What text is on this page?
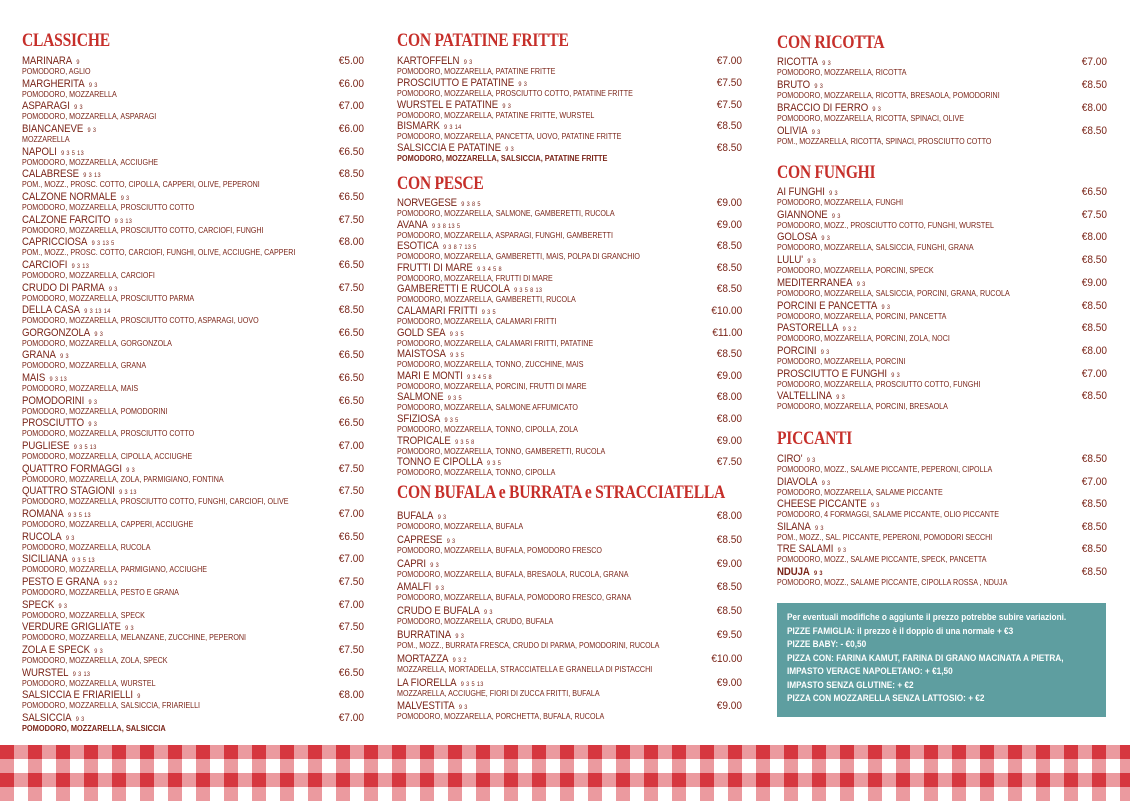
CLASSICHE
MARINARA 9	€5.00
POMODORO, AGLIO
MARGHERITA 9 3	€6.00
POMODORO, MOZZARELLA
ASPARAGI 9 3	€7.00
POMODORO, MOZZARELLA, ASPARAGI
BIANCANEVE 9 3	€6.00
MOZZARELLA
NAPOLI 9 3 5 13	€6.50
POMODORO, MOZZARELLA, ACCIUGHE
CALABRESE 9 3 13	€8.50
POM., MOZZ., PROSC. COTTO, CIPOLLA, CAPPERI, OLIVE, PEPERONI
CALZONE NORMALE 9 3	€6.50
POMODORO, MOZZARELLA, PROSCIUTTO COTTO
CALZONE FARCITO 9 3 13	€7.50
POMODORO, MOZZARELLA, PROSCIUTTO COTTO, CARCIOFI, FUNGHI
CAPRICCIOSA 9 3 13 5	€8.00
POM., MOZZ., PROSC. COTTO, CARCIOFI, FUNGHI, OLIVE, ACCIUGHE, CAPPERI
CARCIOFI 9 3 13	€6.50
POMODORO, MOZZARELLA, CARCIOFI
CRUDO DI PARMA 9 3	€7.50
POMODORO, MOZZARELLA, PROSCIUTTO PARMA
DELLA CASA 9 3 13 14	€8.50
POMODORO, MOZZARELLA, PROSCIUTTO COTTO, ASPARAGI, UOVO
GORGONZOLA 9 3	€6.50
POMODORO, MOZZARELLA, GORGONZOLA
GRANA 9 3	€6.50
POMODORO, MOZZARELLA, GRANA
MAIS 9 3 13	€6.50
POMODORO, MOZZARELLA, MAIS
POMODORINI 9 3	€6.50
POMODORO, MOZZARELLA, POMODORINI
PROSCIUTTO 9 3	€6.50
POMODORO, MOZZARELLA, PROSCIUTTO COTTO
PUGLIESE 9 3 5 13	€7.00
POMODORO, MOZZARELLA, CIPOLLA, ACCIUGHE
QUATTRO FORMAGGI 9 3	€7.50
POMODORO, MOZZARELLA, ZOLA, PARMIGIANO, FONTINA
QUATTRO STAGIONI 9 3 13	€7.50
POMODORO, MOZZARELLA, PROSCIUTTO COTTO, FUNGHI, CARCIOFI, OLIVE
ROMANA 9 3 5 13	€7.00
POMODORO, MOZZARELLA, CAPPERI, ACCIUGHE
RUCOLA 9 3	€6.50
POMODORO, MOZZARELLA, RUCOLA
SICILIANA 9 3 5 13	€7.00
POMODORO, MOZZARELLA, PARMIGIANO, ACCIUGHE
PESTO E GRANA 9 3 2	€7.50
POMODORO, MOZZARELLA, PESTO E GRANA
SPECK 9 3	€7.00
POMODORO, MOZZARELLA, SPECK
VERDURE GRIGLIATE 9 3	€7.50
POMODORO, MOZZARELLA, MELANZANE, ZUCCHINE, PEPERONI
ZOLA E SPECK 9 3	€7.50
POMODORO, MOZZARELLA, ZOLA, SPECK
WURSTEL 9 3 13	€6.50
POMODORO, MOZZARELLA, WURSTEL
SALSICCIA E FRIARIELLI 9	€8.00
POMODORO, MOZZARELLA, SALSICCIA, FRIARIELLI
SALSICCIA 9 3	€7.00
POMODORO, MOZZARELLA, SALSICCIA
CON PATATINE FRITTE
KARTOFFELN 9 3	€7.00
POMODORO, MOZZARELLA, PATATINE FRITTE
PROSCIUTTO E PATATINE 9 3	€7.50
POMODORO, MOZZARELLA, PROSCIUTTO COTTO, PATATINE FRITTE
WURSTEL E PATATINE 9 3	€7.50
POMODORO, MOZZARELLA, PATATINE FRITTE, WURSTEL
BISMARK 9 3 14	€8.50
POMODORO, MOZZARELLA, PANCETTA, UOVO, PATATINE FRITTE
SALSICCIA E PATATINE 9 3	€8.50
POMODORO, MOZZARELLA, SALSICCIA, PATATINE FRITTE
CON PESCE
NORVEGESE 9 3 8 5	€9.00
POMODORO, MOZZARELLA, SALMONE, GAMBERETTI, RUCOLA
AVANA 9 3 8 13 5	€9.00
POMODORO, MOZZARELLA, ASPARAGI, FUNGHI, GAMBERETTI
ESOTICA 9 3 8 7 13 5	€8.50
POMODORO, MOZZARELLA, GAMBERETTI, MAIS, POLPA DI GRANCHIO
FRUTTI DI MARE 9 3 4 5 8	€8.50
POMODORO, MOZZARELLA, FRUTTI DI MARE
GAMBERETTI E RUCOLA 9 3 5 8 13	€8.50
POMODORO, MOZZARELLA, GAMBERETTI, RUCOLA
CALAMARI FRITTI 9 3 5	€10.00
POMODORO, MOZZARELLA, CALAMARI FRITTI
GOLD SEA 9 3 5	€11.00
POMODORO, MOZZARELLA, CALAMARI FRITTI, PATATINE
MAISTOSA 9 3 5	€8.50
POMODORO, MOZZARELLA, TONNO, ZUCCHINE, MAIS
MARI E MONTI 9 3 4 5 8	€9.00
POMODORO, MOZZARELLA, PORCINI, FRUTTI DI MARE
SALMONE 9 3 5	€8.00
POMODORO, MOZZARELLA, SALMONE AFFUMICATO
SFIZIOSA 9 3 5	€8.00
POMODORO, MOZZARELLA, TONNO, CIPOLLA, ZOLA
TROPICALE 9 3 5 8	€9.00
POMODORO, MOZZARELLA, TONNO, GAMBERETTI, RUCOLA
TONNO E CIPOLLA 9 3 5	€7.50
POMODORO, MOZZARELLA, TONNO, CIPOLLA
CON BUFALA e BURRATA e STRACCIATELLA
BUFALA 9 3	€8.00
POMODORO, MOZZARELLA, BUFALA
CAPRESE 9 3	€8.50
POMODORO, MOZZARELLA, BUFALA, POMODORO FRESCO
CAPRI 9 3	€9.00
POMODORO, MOZZARELLA, BUFALA, BRESAOLA, RUCOLA, GRANA
AMALFI 9 3	€8.50
POMODORO, MOZZARELLA, BUFALA, POMODORO FRESCO, GRANA
CRUDO E BUFALA 9 3	€8.50
POMODORO, MOZZARELLA, CRUDO, BUFALA
BURRATINA 9 3	€9.50
POM., MOZZ., BURRATA FRESCA, CRUDO DI PARMA, POMODORINI, RUCOLA
MORTAZZA 9 3 2	€10.00
MOZZARELLA, MORTADELLA, STRACCIATELLA E GRANELLA DI PISTACCHI
LA FIORELLA 9 3 5 13	€9.00
MOZZARELLA, ACCIUGHE, FIORI DI ZUCCA FRITTI, BUFALA
MALVESTITA 9 3	€9.00
POMODORO, MOZZARELLA, PORCHETTA, BUFALA, RUCOLA
CON RICOTTA
RICOTTA 9 3	€7.00
POMODORO, MOZZARELLA, RICOTTA
BRUTO 9 3	€8.50
POMODORO, MOZZARELLA, RICOTTA, BRESAOLA, POMODORINI
BRACCIO DI FERRO 9 3	€8.00
POMODORO, MOZZARELLA, RICOTTA, SPINACI, OLIVE
OLIVIA 9 3	€8.50
POM., MOZZARELLA, RICOTTA, SPINACI, PROSCIUTTO COTTO
CON FUNGHI
AI FUNGHI 9 3	€6.50
POMODORO, MOZZARELLA, FUNGHI
GIANNONE 9 3	€7.50
POMODORO, MOZZ., PROSCIUTTO COTTO, FUNGHI, WURSTEL
GOLOSA 9 3	€8.00
POMODORO, MOZZARELLA, SALSICCIA, FUNGHI, GRANA
LULU' 9 3	€8.50
POMODORO, MOZZARELLA, PORCINI, SPECK
MEDITERRANEA 9 3	€9.00
POMODORO, MOZZARELLA, SALSICCIA, PORCINI, GRANA, RUCOLA
PORCINI E PANCETTA 9 3	€8.50
POMODORO, MOZZARELLA, PORCINI, PANCETTA
PASTORELLA 9 3 2	€8.50
POMODORO, MOZZARELLA, PORCINI, ZOLA, NOCI
PORCINI 9 3	€8.00
POMODORO, MOZZARELLA, PORCINI
PROSCIUTTO E FUNGHI 9 3	€7.00
POMODORO, MOZZARELLA, PROSCIUTTO COTTO, FUNGHI
VALTELLINA 9 3	€8.50
POMODORO, MOZZARELLA, PORCINI, BRESAOLA
PICCANTI
CIRO' 9 3	€8.50
POMODORO, MOZZ., SALAME PICCANTE, PEPERONI, CIPOLLA
DIAVOLA 9 3	€7.00
POMODORO, MOZZARELLA, SALAME PICCANTE
CHEESE PICCANTE 9 3	€8.50
POMODORO, 4 FORMAGGI, SALAME PICCANTE, OLIO PICCANTE
SILANA 9 3	€8.50
POM., MOZZ., SAL. PICCANTE, PEPERONI, POMODORI SECCHI
TRE SALAMI 9 3	€8.50
POMODORO, MOZZ., SALAME PICCANTE, SPECK, PANCETTA
NDUJA 9 3	€8.50
POMODORO, MOZZ., SALAME PICCANTE, CIPOLLA ROSSA , NDUJA
Per eventuali modifiche o aggiunte il prezzo potrebbe subire variazioni.
PIZZE FAMIGLIA: il prezzo è il doppio di una normale + €3
PIZZE BABY: - €0,50
PIZZA CON: FARINA KAMUT, FARINA DI GRANO MACINATA A PIETRA,
IMPASTO VERACE NAPOLETANO: + €1,50
IMPASTO SENZA GLUTINE: + €2
PIZZA CON MOZZARELLA SENZA LATTOSIO: + €2
